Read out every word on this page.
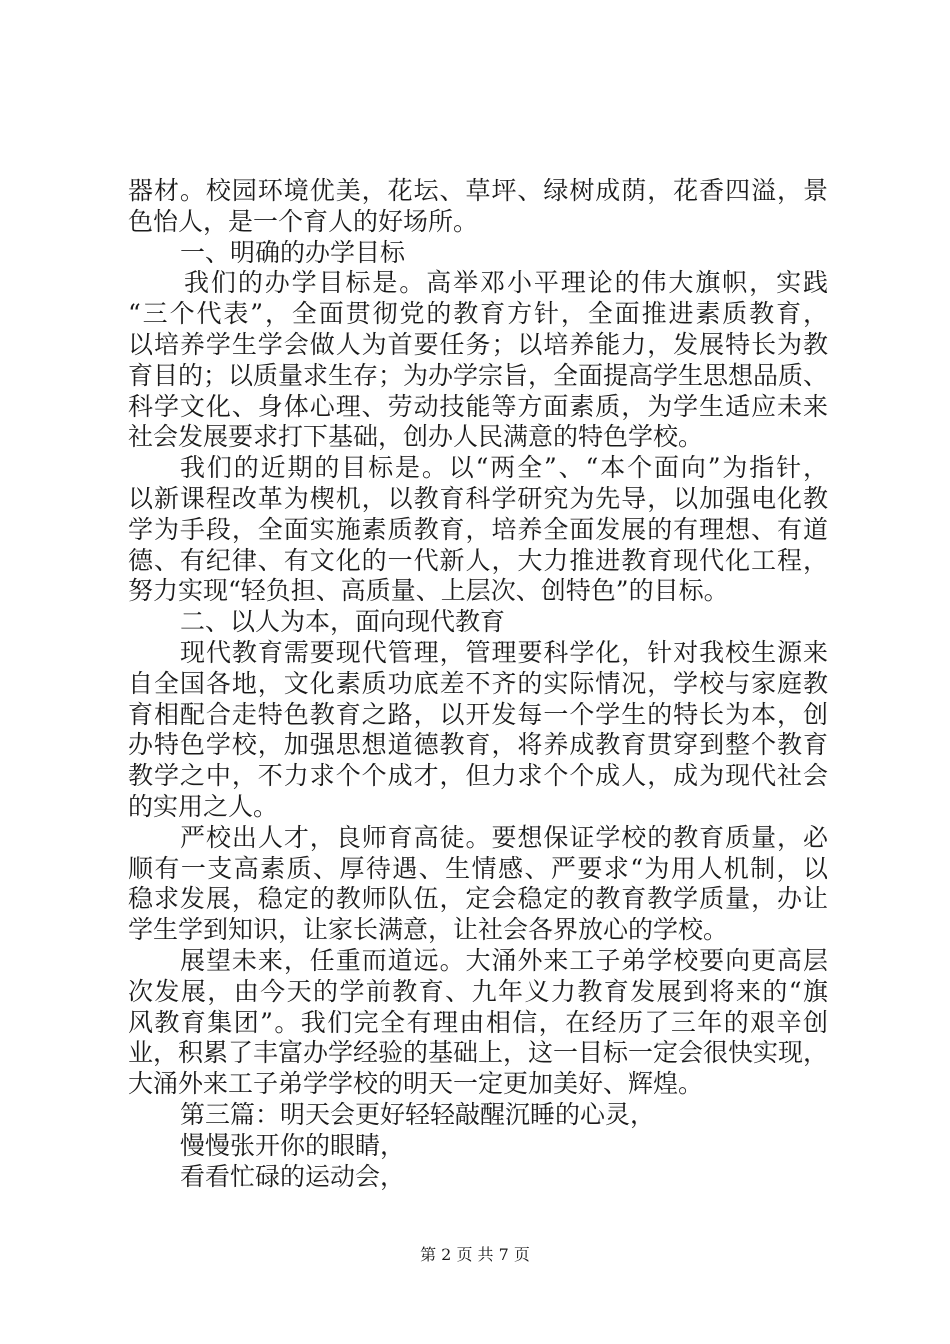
器材。校园环境优美，花坛、草坪、绿树成荫，花香四溢，景
色怡人，是一个育人的好场所。
一、明确的办学目标
我们的办学目标是。高举邓小平理论的伟大旗帜，实践
“三个代表”，全面贯彻党的教育方针，全面推进素质教育，
以培养学生学会做人为首要任务；以培养能力，发展特长为教
育目的；以质量求生存；为办学宗旨，全面提高学生思想品质、
科学文化、身体心理、劳动技能等方面素质，为学生适应未来
社会发展要求打下基础，创办人民满意的特色学校。
我们的近期的目标是。以“两全”、“本个面向”为指针，
以新课程改革为楔机，以教育科学研究为先导，以加强电化教
学为手段，全面实施素质教育，培养全面发展的有理想、有道
德、有纪律、有文化的一代新人，大力推进教育现代化工程，
努力实现“轻负担、高质量、上层次、创特色”的目标。
二、以人为本，面向现代教育
现代教育需要现代管理，管理要科学化，针对我校生源来
自全国各地，文化素质功底差不齐的实际情况，学校与家庭教
育相配合走特色教育之路，以开发每一个学生的特长为本，创
办特色学校，加强思想道德教育，将养成教育贯穿到整个教育
教学之中，不力求个个成才，但力求个个成人，成为现代社会
的实用之人。
严校出人才，良师育高徒。要想保证学校的教育质量，必
顺有一支高素质、厚待遇、生情感、严要求“为用人机制，以
稳求发展，稳定的教师队伍，定会稳定的教育教学质量，办让
学生学到知识，让家长满意，让社会各界放心的学校。
展望未来，任重而道远。大涌外来工子弟学校要向更高层
次发展，由今天的学前教育、九年义力教育发展到将来的“旗
风教育集团”。我们完全有理由相信，在经历了三年的艰辛创
业，积累了丰富办学经验的基础上，这一目标一定会很快实现，
大涌外来工子弟学学校的明天一定更加美好、辉煌。
第三篇：明天会更好轻轻敲醒沉睡的心灵，
慢慢张开你的眼睛，
看看忙碌的运动会，
第 2 页 共 7 页
